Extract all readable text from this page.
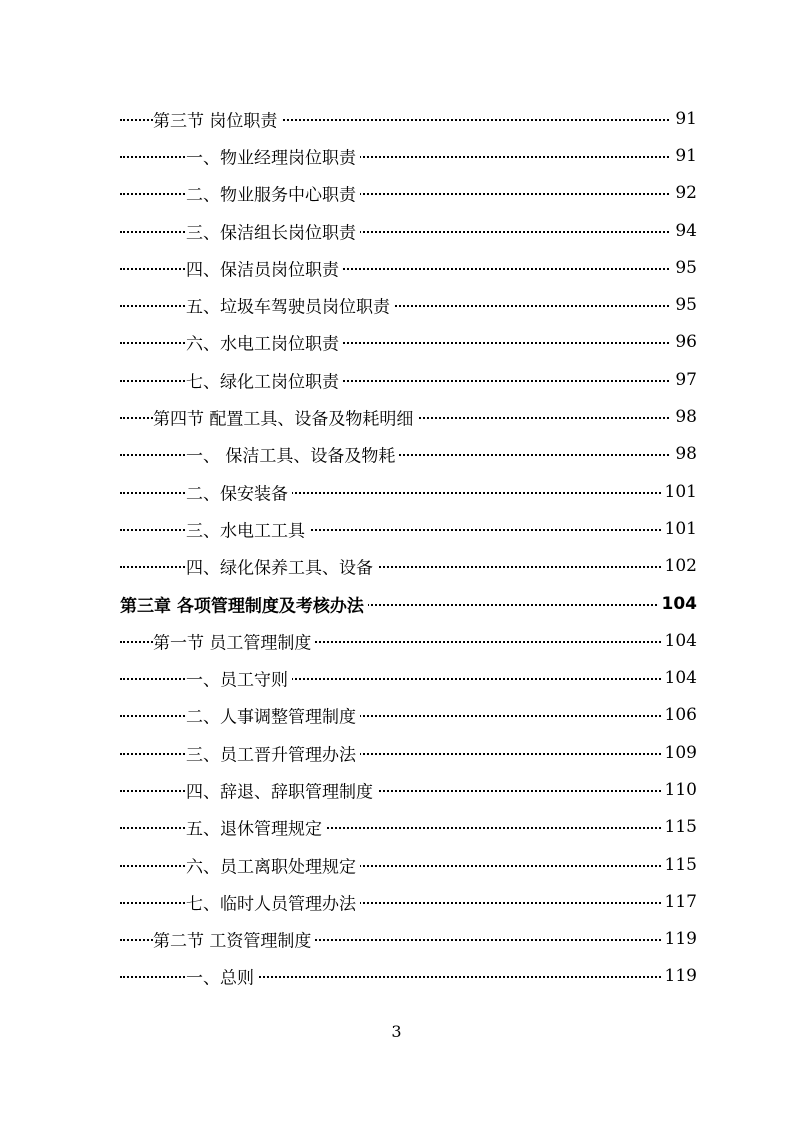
第三节 岗位职责	91
一、物业经理岗位职责	91
二、物业服务中心职责	92
三、保洁组长岗位职责	94
四、保洁员岗位职责	95
五、垃圾车驾驶员岗位职责	95
六、水电工岗位职责	96
七、绿化工岗位职责	97
第四节 配置工具、设备及物耗明细	98
一、 保洁工具、设备及物耗	98
二、保安装备	101
三、水电工工具	101
四、绿化保养工具、设备	102
第三章 各项管理制度及考核办法	104
第一节 员工管理制度	104
一、员工守则	104
二、人事调整管理制度	106
三、员工晋升管理办法	109
四、辞退、辞职管理制度	110
五、退休管理规定	115
六、员工离职处理规定	115
七、临时人员管理办法	117
第二节 工资管理制度	119
一、总则	119
3
